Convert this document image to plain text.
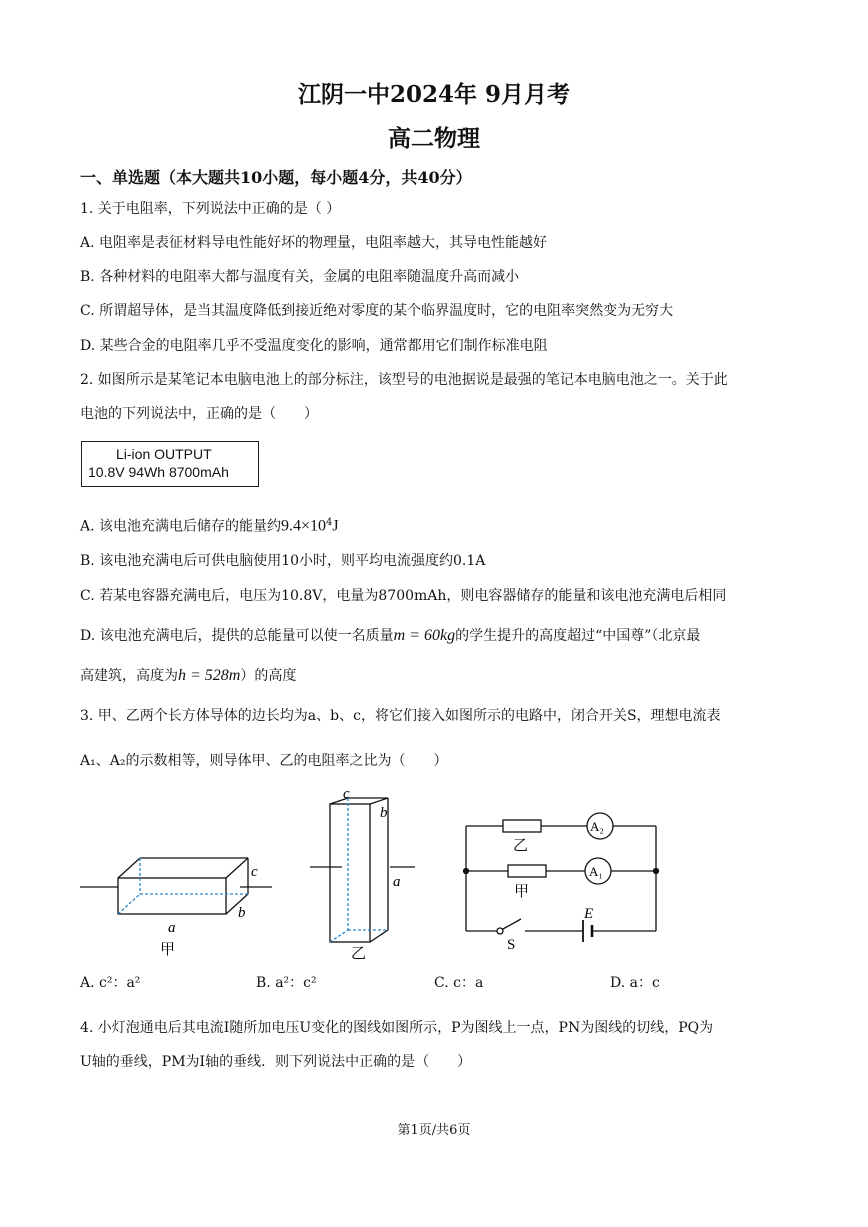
江阴一中2024年 9月月考
高二物理
一、单选题（本大题共10小题，每小题4分，共40分）
1. 关于电阻率，下列说法中正确的是（ ）
A. 电阻率是表征材料导电性能好坏的物理量，电阻率越大，其导电性能越好
B. 各种材料的电阻率大都与温度有关，金属的电阻率随温度升高而减小
C. 所谓超导体，是当其温度降低到接近绝对零度的某个临界温度时，它的电阻率突然变为无穷大
D. 某些合金的电阻率几乎不受温度变化的影响，通常都用它们制作标准电阻
2. 如图所示是某笔记本电脑电池上的部分标注，该型号的电池据说是最强的笔记本电脑电池之一。关于此
电池的下列说法中，正确的是（　　）
Li-ion OUTPUT
10.8V 94Wh 8700mAh
A. 该电池充满电后储存的能量约$9.4\times 10^4J$
B. 该电池充满电后可供电脑使用10小时，则平均电流强度约0.1A
C. 若某电容器充满电后，电压为10.8V，电量为8700mAh，则电容器储存的能量和该电池充满电后相同
D. 该电池充满电后，提供的总能量可以使一名质量m = 60kg的学生提升的高度超过“中国尊”（北京最
高建筑，高度为h = 528m）的高度
3. 甲、乙两个长方体导体的边长均为a、b、c，将它们接入如图所示的电路中，闭合开关S，理想电流表
A₁、A₂的示数相等，则导体甲、乙的电阻率之比为（　　）
c
b
a
甲
c
b
a
乙
A₂
A₁
乙
甲
S
E
A. c²：a²	B. a²：c²	C. c：a	D. a：c
4. 小灯泡通电后其电流I随所加电压U变化的图线如图所示，P为图线上一点，PN为图线的切线，PQ为
U轴的垂线，PM为I轴的垂线．则下列说法中正确的是（　　）
第1页/共6页
